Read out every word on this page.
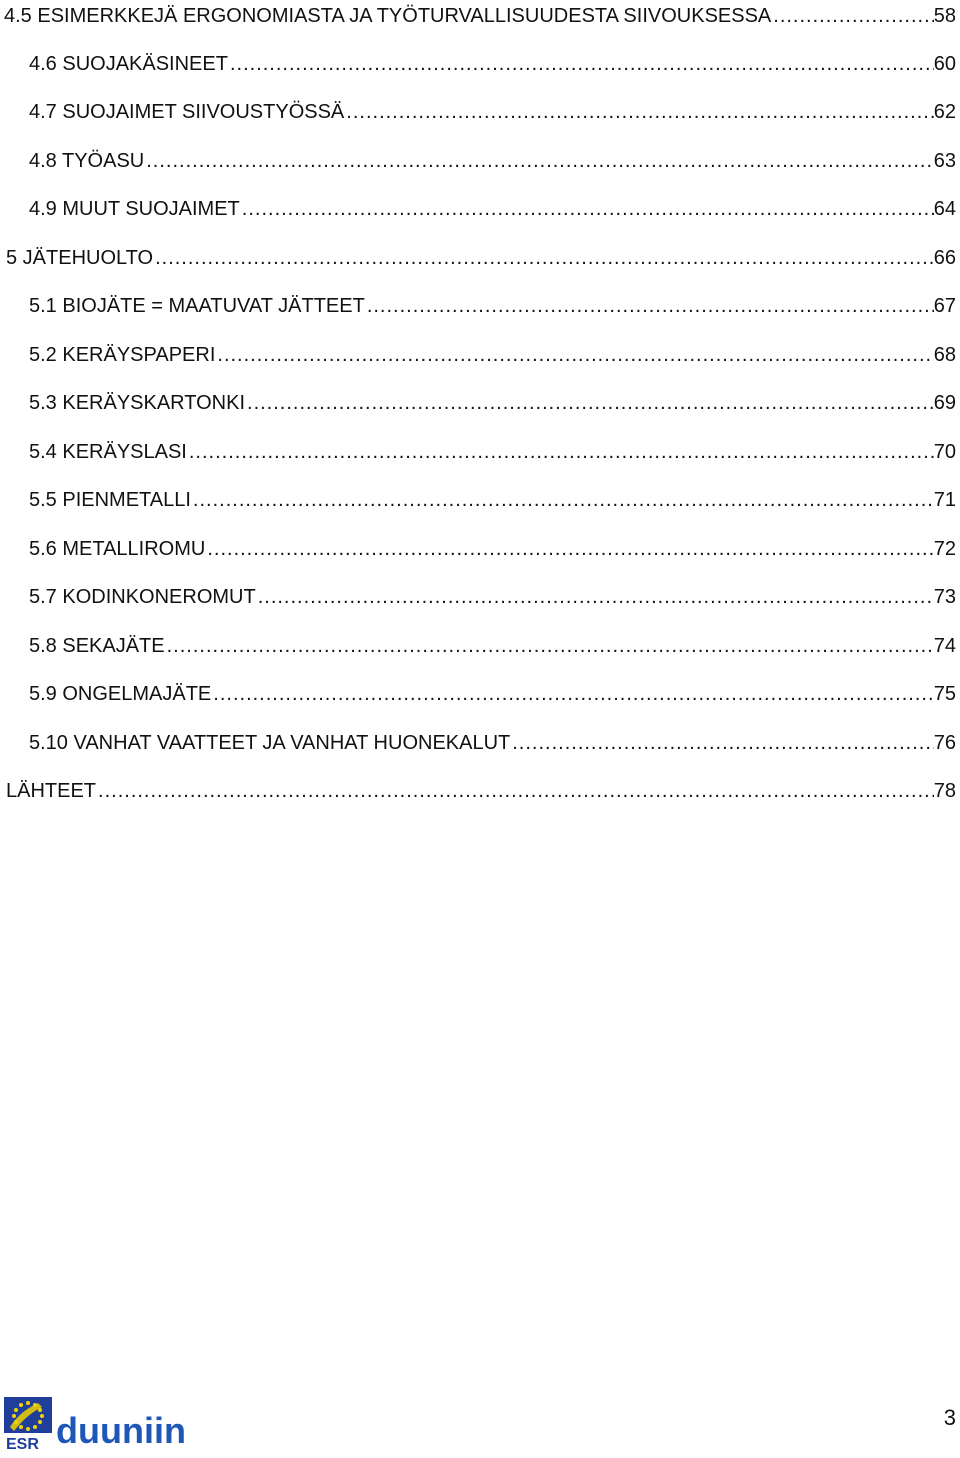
4.5 ESIMERKKEJÄ ERGONOMIASTA JA TYÖTURVALLISUUDESTA SIIVOUKSESSA .....	58
4.6 SUOJAKÄSINEET .....	60
4.7 SUOJAIMET SIIVOUSTYÖSSÄ .....	62
4.8 TYÖASU .....	63
4.9 MUUT SUOJAIMET .....	64
5 JÄTEHUOLTO .....	66
5.1 BIOJÄTE = MAATUVAT JÄTTEET .....	67
5.2 KERÄYSPAPERI .....	68
5.3 KERÄYSKARTONKI .....	69
5.4 KERÄYSLASI .....	70
5.5 PIENMETALLI .....	71
5.6 METALLIROMU .....	72
5.7 KODINKONEROMUT .....	73
5.8 SEKAJÄTE .....	74
5.9 ONGELMAJÄTE .....	75
5.10 VANHAT VAATTEET JA VANHAT HUONEKALUT .....	76
LÄHTEET .....	78
ESR duuniin	3
